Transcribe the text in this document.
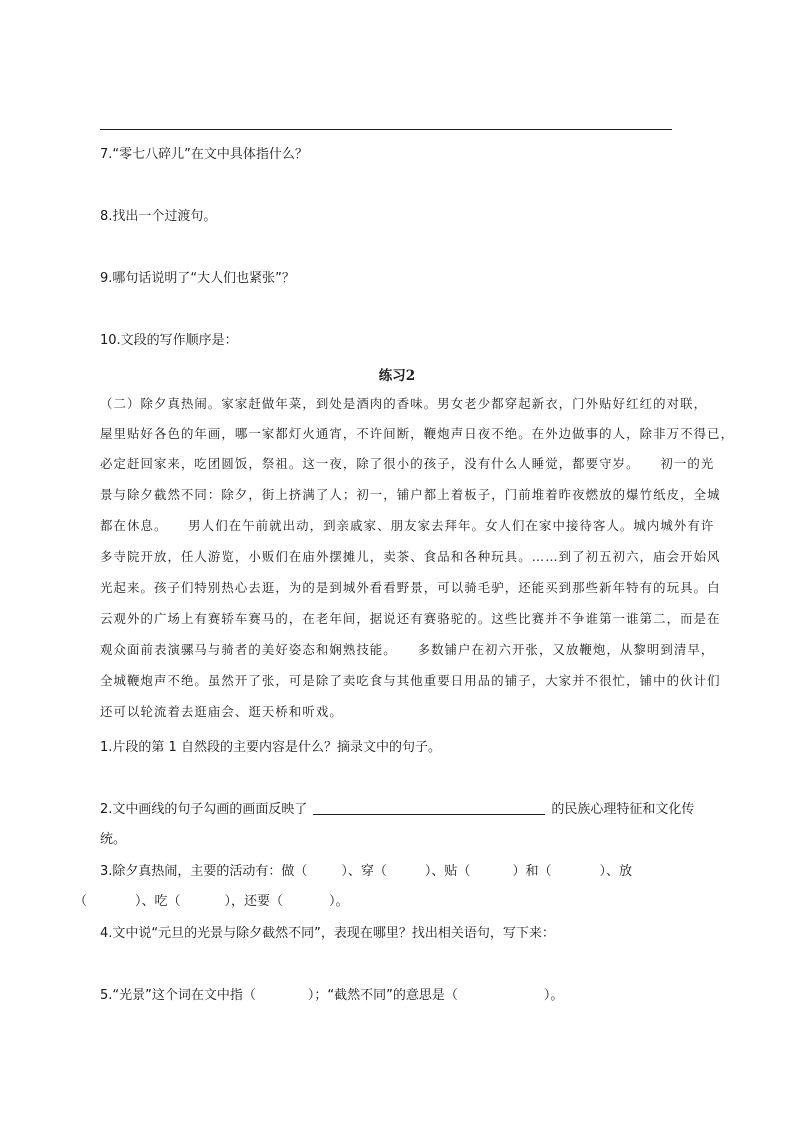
7.“零七八碎儿”在文中具体指什么？
8.找出一个过渡句。
9.哪句话说明了“大人们也紧张”？
10.文段的写作顺序是：
练习2
（二）除夕真热闹。家家赶做年菜，到处是酒肉的香味。男女老少都穿起新衣，门外贴好红红的对联，
屋里贴好各色的年画，哪一家都灯火通宵，不许间断，鞭炮声日夜不绝。在外边做事的人，除非万不得已，
必定赶回家来，吃团圆饭，祭祖。这一夜，除了很小的孩子，没有什么人睡觉，都要守岁。　　初一的光
景与除夕截然不同：除夕，街上挤满了人；初一，铺户都上着板子，门前堆着昨夜燃放的爆竹纸皮，全城
都在休息。　　男人们在午前就出动，到亲戚家、朋友家去拜年。女人们在家中接待客人。城内城外有许
多寺院开放，任人游览，小贩们在庙外摆摊儿，卖茶、食品和各种玩具。……到了初五初六，庙会开始风
光起来。孩子们特别热心去逛，为的是到城外看看野景，可以骑毛驴，还能买到那些新年特有的玩具。白
云观外的广场上有赛轿车赛马的，在老年间，据说还有赛骆驼的。这些比赛并不争谁第一谁第二，而是在
观众面前表演骡马与骑者的美好姿态和娴熟技能。　　多数铺户在初六开张，又放鞭炮，从黎明到清早，
全城鞭炮声不绝。虽然开了张，可是除了卖吃食与其他重要日用品的铺子，大家并不很忙，铺中的伙计们
还可以轮流着去逛庙会、逛天桥和听戏。
1.片段的第 1 自然段的主要内容是什么？摘录文中的句子。
2.文中画线的句子勾画的画面反映了	的民族心理特征和文化传
统。
3.除夕真热闹，主要的活动有：做（	）、穿（	）、贴（	）和（	）、放
（	）、吃（	），还要（	）。
4.文中说“元旦的光景与除夕截然不同”，表现在哪里？找出相关语句，写下来：
5.“光景”这个词在文中指（	）；“截然不同”的意思是（	）。
